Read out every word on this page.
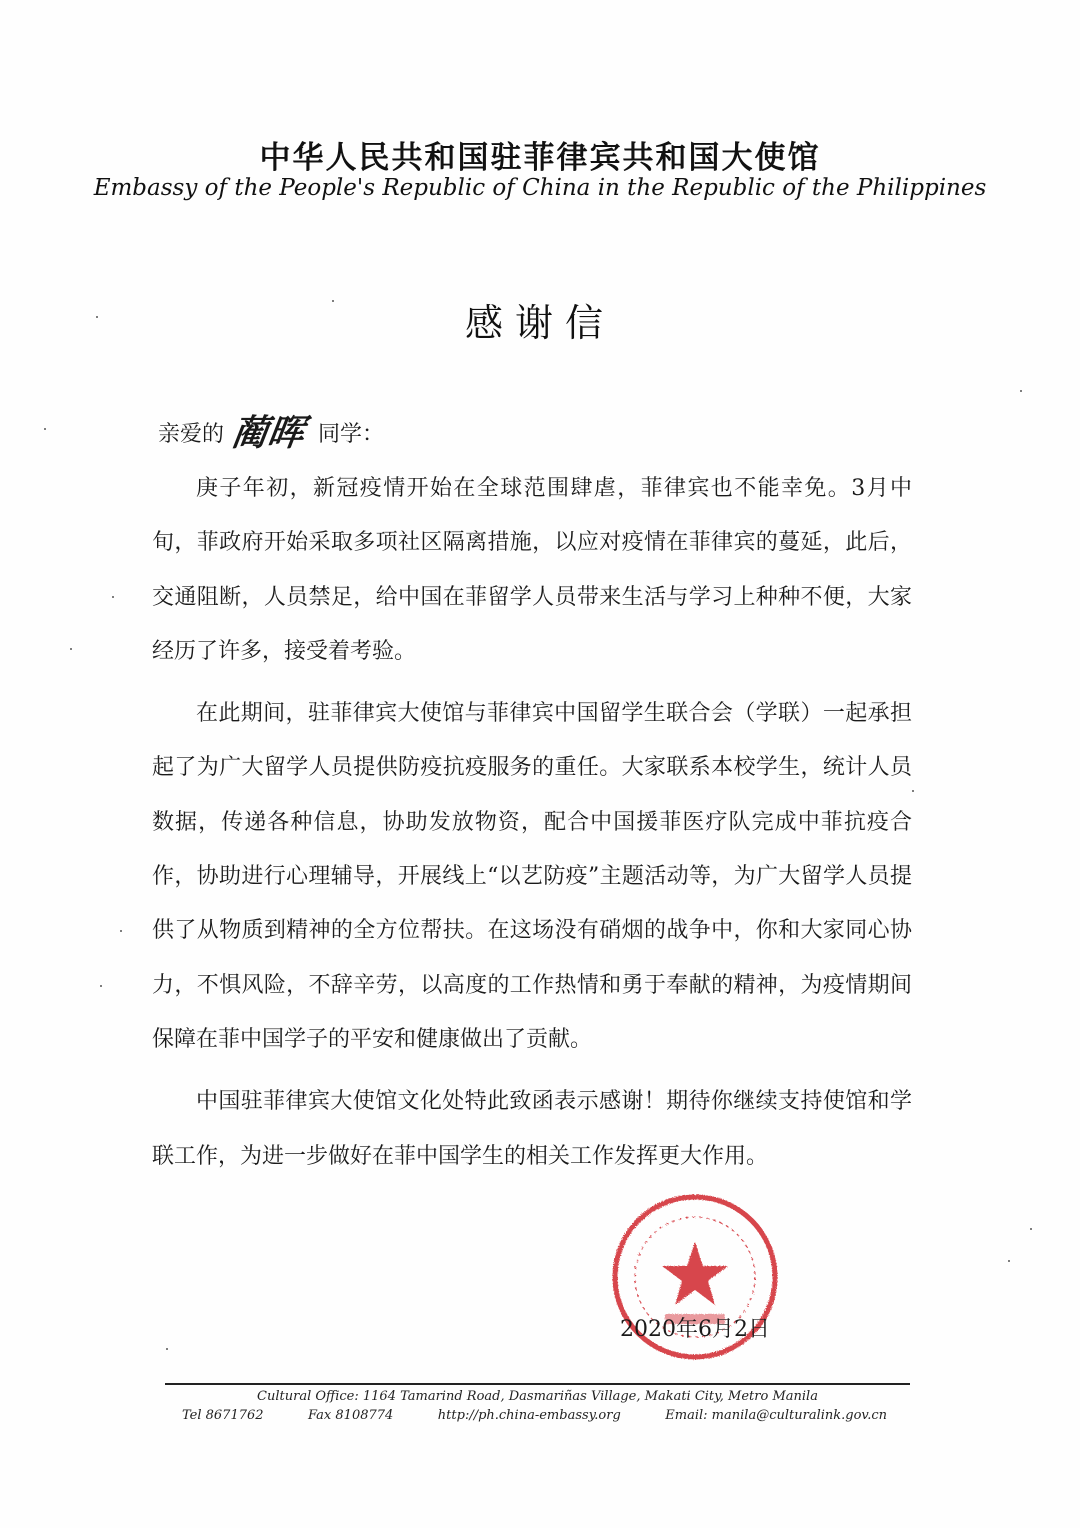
中华人民共和国驻菲律宾共和国大使馆
Embassy of the People's Republic of China in the Republic of the Philippines
感谢信
亲爱的 蔺晖 同学：

庚子年初，新冠疫情开始在全球范围肆虐，菲律宾也不能幸免。3月中旬，菲政府开始采取多项社区隔离措施，以应对疫情在菲律宾的蔓延，此后，交通阻断，人员禁足，给中国在菲留学人员带来生活与学习上种种不便，大家经历了许多，接受着考验。

在此期间，驻菲律宾大使馆与菲律宾中国留学生联合会（学联）一起承担起了为广大留学人员提供防疫抗疫服务的重任。大家联系本校学生，统计人员数据，传递各种信息，协助发放物资，配合中国援菲医疗队完成中菲抗疫合作，协助进行心理辅导，开展线上“以艺防疫”主题活动等，为广大留学人员提供了从物质到精神的全方位帮扶。在这场没有硝烟的战争中，你和大家同心协力，不惧风险，不辞辛劳，以高度的工作热情和勇于奉献的精神，为疫情期间保障在菲中国学子的平安和健康做出了贡献。

中国驻菲律宾大使馆文化处特此致函表示感谢！期待你继续支持使馆和学联工作，为进一步做好在菲中国学生的相关工作发挥更大作用。

2020年6月2日
Cultural Office: 1164 Tamarind Road, Dasmariñas Village, Makati City, Metro Manila
Tel 8671762	Fax 8108774	http://ph.china-embassy.org	Email: manila@culturalink.gov.cn
